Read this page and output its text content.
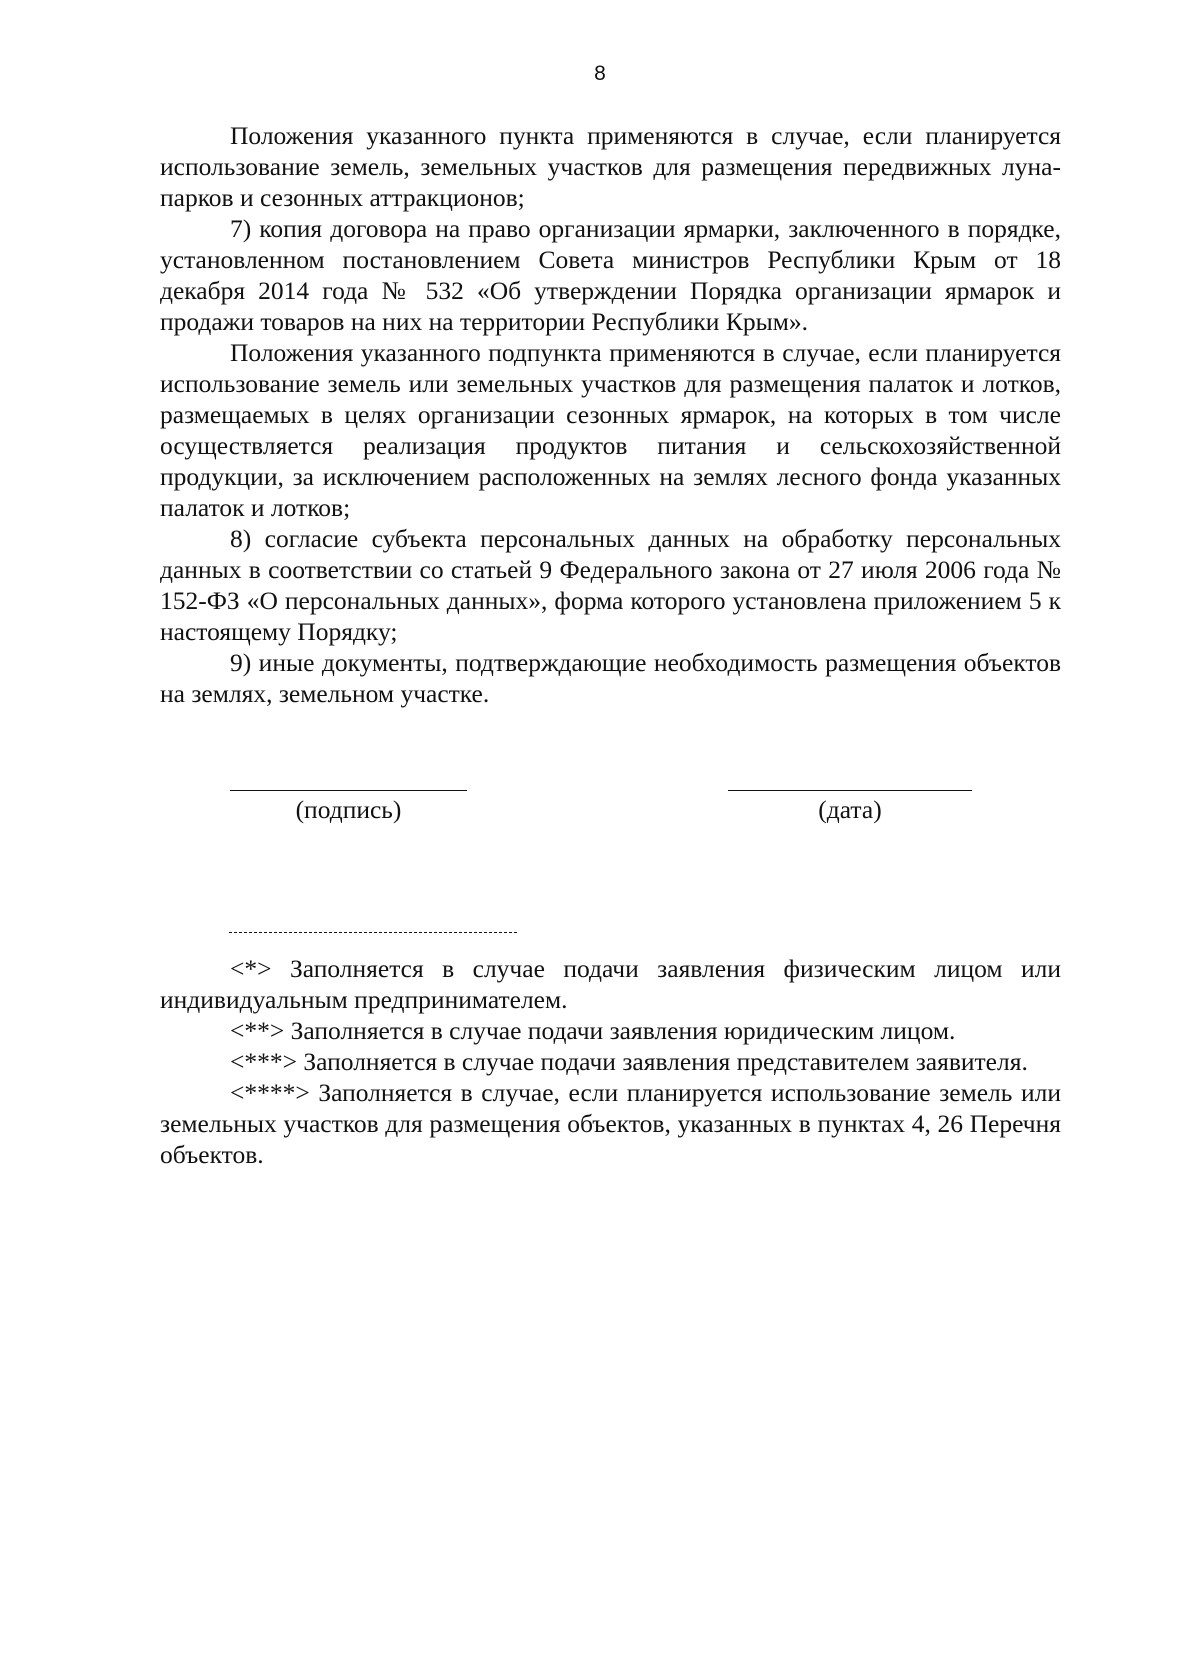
8

Положения указанного пункта применяются в случае, если планируется использование земель, земельных участков для размещения передвижных луна-парков и сезонных аттракционов;

7) копия договора на право организации ярмарки, заключенного в порядке, установленном постановлением Совета министров Республики Крым от 18 декабря 2014 года № 532 «Об утверждении Порядка организации ярмарок и продажи товаров на них на территории Республики Крым».

Положения указанного подпункта применяются в случае, если планируется использование земель или земельных участков для размещения палаток и лотков, размещаемых в целях организации сезонных ярмарок, на которых в том числе осуществляется реализация продуктов питания и сельскохозяйственной продукции, за исключением расположенных на землях лесного фонда указанных палаток и лотков;

8) согласие субъекта персональных данных на обработку персональных данных в соответствии со статьей 9 Федерального закона от 27 июля 2006 года № 152-ФЗ «О персональных данных», форма которого установлена приложением 5 к настоящему Порядку;

9) иные документы, подтверждающие необходимость размещения объектов на землях, земельном участке.

(подпись)	(дата)

<*> Заполняется в случае подачи заявления физическим лицом или индивидуальным предпринимателем.

<**> Заполняется в случае подачи заявления юридическим лицом.

<***> Заполняется в случае подачи заявления представителем заявителя.

<****> Заполняется в случае, если планируется использование земель или земельных участков для размещения объектов, указанных в пунктах 4, 26 Перечня объектов.
